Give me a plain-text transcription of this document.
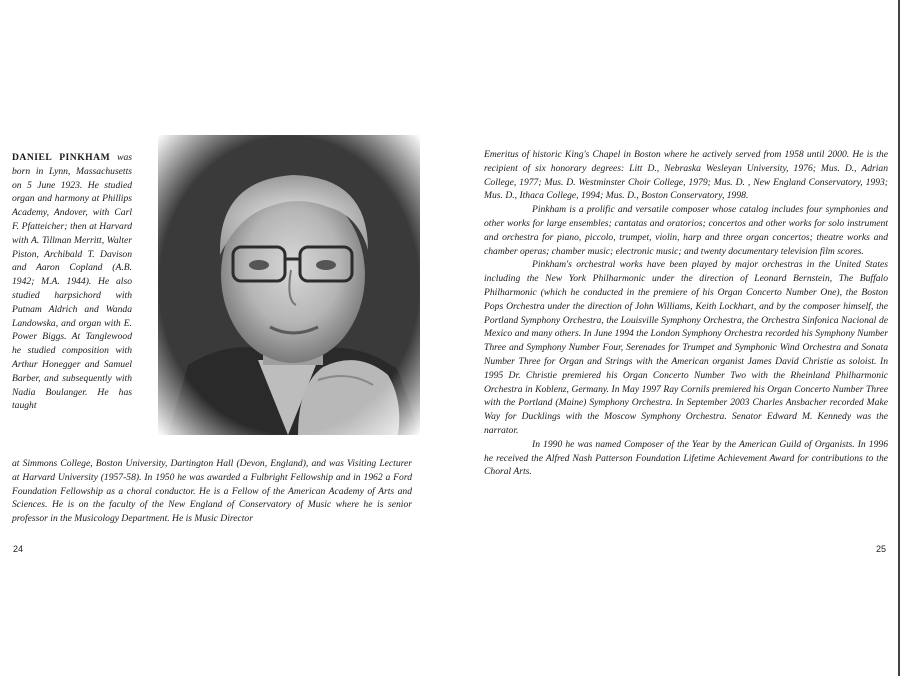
DANIEL PINKHAM was born in Lynn, Massachusetts on 5 June 1923. He studied organ and harmony at Phillips Academy, Andover, with Carl F. Pfatteicher; then at Harvard with A. Tillman Merritt, Walter Piston, Archibald T. Davison and Aaron Copland (A.B. 1942; M.A. 1944). He also studied harpsichord with Putnam Aldrich and Wanda Landowska, and organ with E. Power Biggs. At Tanglewood he studied composition with Arthur Honegger and Samuel Barber, and subsequently with Nadia Boulanger. He has taught

at Simmons College, Boston University, Dartington Hall (Devon, England), and was Visiting Lecturer at Harvard University (1957-58). In 1950 he was awarded a Fulbright Fellowship and in 1962 a Ford Foundation Fellowship as a choral conductor. He is a Fellow of the American Academy of Arts and Sciences. He is on the faculty of the New England of Conservatory of Music where he is senior professor in the Musicology Department. He is Music Director

24

Emeritus of historic King's Chapel in Boston where he actively served from 1958 until 2000. He is the recipient of six honorary degrees: Litt D., Nebraska Wesleyan University, 1976; Mus. D., Adrian College, 1977; Mus. D. Westminster Choir College, 1979; Mus. D. , New England Conservatory, 1993; Mus. D., Ithaca College, 1994; Mus. D., Boston Conservatory, 1998.

Pinkham is a prolific and versatile composer whose catalog includes four symphonies and other works for large ensembles; cantatas and oratorios; concertos and other works for solo instrument and orchestra for piano, piccolo, trumpet, violin, harp and three organ concertos; theatre works and chamber operas; chamber music; electronic music; and twenty documentary television film scores.

Pinkham's orchestral works have been played by major orchestras in the United States including the New York Philharmonic under the direction of Leonard Bernstein, The Buffalo Philharmonic (which he conducted in the premiere of his Organ Concerto Number One), the Boston Pops Orchestra under the direction of John Williams, Keith Lockhart, and by the composer himself, the Portland Symphony Orchestra, the Louisville Symphony Orchestra, the Orchestra Sinfonica Nacional de Mexico and many others. In June 1994 the London Symphony Orchestra recorded his Symphony Number Three and Symphony Number Four, Serenades for Trumpet and Symphonic Wind Orchestra and Sonata Number Three for Organ and Strings with the American organist James David Christie as soloist. In 1995 Dr. Christie premiered his Organ Concerto Number Two with the Rheinland Philharmonic Orchestra in Koblenz, Germany. In May 1997 Ray Cornils premiered his Organ Concerto Number Three with the Portland (Maine) Symphony Orchestra. In September 2003 Charles Ansbacher recorded Make Way for Ducklings with the Moscow Symphony Orchestra. Senator Edward M. Kennedy was the narrator.

In 1990 he was named Composer of the Year by the American Guild of Organists. In 1996 he received the Alfred Nash Patterson Foundation Lifetime Achievement Award for contributions to the Choral Arts.

25
